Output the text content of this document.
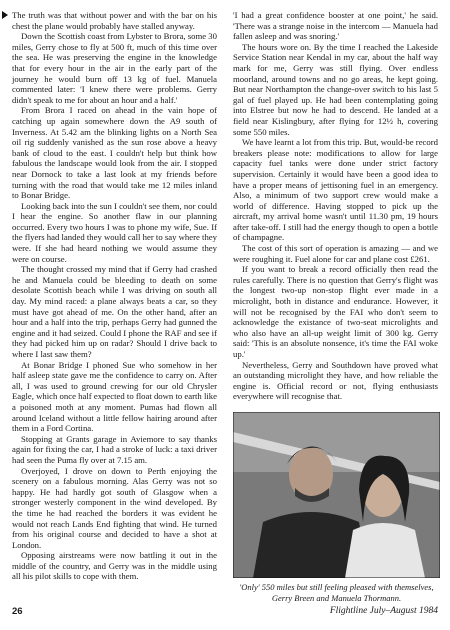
The truth was that without power and with the bar on his chest the plane would probably have stalled anyway.

Down the Scottish coast from Lybster to Brora, some 30 miles, Gerry chose to fly at 500 ft, much of this time over the sea. He was preserving the engine in the knowledge that for every hour in the air in the early part of the journey he would burn off 13 kg of fuel. Manuela commented later: 'I knew there were problems. Gerry didn't speak to me for about an hour and a half.'

From Brora I raced on ahead in the vain hope of catching up again somewhere down the A9 south of Inverness. At 5.42 am the blinking lights on a North Sea oil rig suddenly vanished as the sun rose above a heavy bank of cloud to the east. I couldn't help but think how fabulous the landscape would look from the air. I stopped near Dornock to take a last look at my friends before turning with the road that would take me 12 miles inland to Bonar Bridge.

Looking back into the sun I couldn't see them, nor could I hear the engine. So another flaw in our planning occurred. Every two hours I was to phone my wife, Sue. If the flyers had landed they would call her to say where they were. If she had heard nothing we would assume they were on course.

The thought crossed my mind that if Gerry had crashed he and Manuela could be bleeding to death on some desolate Scottish beach while I was driving on south all day. My mind raced: a plane always beats a car, so they must have got ahead of me. On the other hand, after an hour and a half into the trip, perhaps Gerry had gunned the engine and it had seized. Could I phone the RAF and see if they had picked him up on radar? Should I drive back to where I last saw them?

At Bonar Bridge I phoned Sue who somehow in her half asleep state gave me the confidence to carry on. After all, I was used to ground crewing for our old Chrysler Eagle, which once half expected to float down to earth like a poisoned moth at any moment. Pumas had flown all around Iceland without a little fellow hairing around after them in a Ford Cortina.

Stopping at Grants garage in Aviemore to say thanks again for fixing the car, I had a stroke of luck: a taxi driver had seen the Puma fly over at 7.15 am.

Overjoyed, I drove on down to Perth enjoying the scenery on a fabulous morning. Alas Gerry was not so happy. He had hardly got south of Glasgow when a stronger westerly component in the wind developed. By the time he had reached the borders it was evident he would not reach Lands End fighting that wind. He turned from his original course and decided to have a shot at London.

Opposing airstreams were now battling it out in the middle of the country, and Gerry was in the middle using all his pilot skills to cope with them.

'I had a great confidence booster at one point,' he said. 'There was a strange noise in the intercom — Manuela had fallen asleep and was snoring.'

The hours wore on. By the time I reached the Lakeside Service Station near Kendal in my car, about the half way mark for me, Gerry was still flying. Over endless moorland, around towns and no go areas, he kept going. But near Northampton the change-over switch to his last 5 gal of fuel played up. He had been contemplating going into Elstree but now he had to descend. He landed at a field near Kislingbury, after flying for 12½ h, covering some 550 miles.

We have learnt a lot from this trip. But, would-be record breakers please note: modifications to allow for large capacity fuel tanks were done under strict factory supervision. Certainly it would have been a good idea to have a proper means of jettisoning fuel in an emergency. Also, a minimum of two support crew would make a world of difference. Having stopped to pick up the aircraft, my arrival home wasn't until 11.30 pm, 19 hours after take-off. I still had the energy though to open a bottle of champagne.

The cost of this sort of operation is amazing — and we were roughing it. Fuel alone for car and plane cost £261.

If you want to break a record officially then read the rules carefully. There is no question that Gerry's flight was the longest two-up non-stop flight ever made in a microlight, both in distance and endurance. However, it will not be recognised by the FAI who don't seem to acknowledge the existance of two-seat microlights and who also have an all-up weight limit of 300 kg. Gerry said: 'This is an absolute nonsence, it's time the FAI woke up.'

Nevertheless, Gerry and Southdown have proved what an outstanding microlight they have, and how reliable the engine is. Official record or not, flying enthusiasts everywhere will recognise that.

'Only' 550 miles but still feeling pleased with themselves, Gerry Breen and Manuela Thormann.
26	Flightline July–August 1984
